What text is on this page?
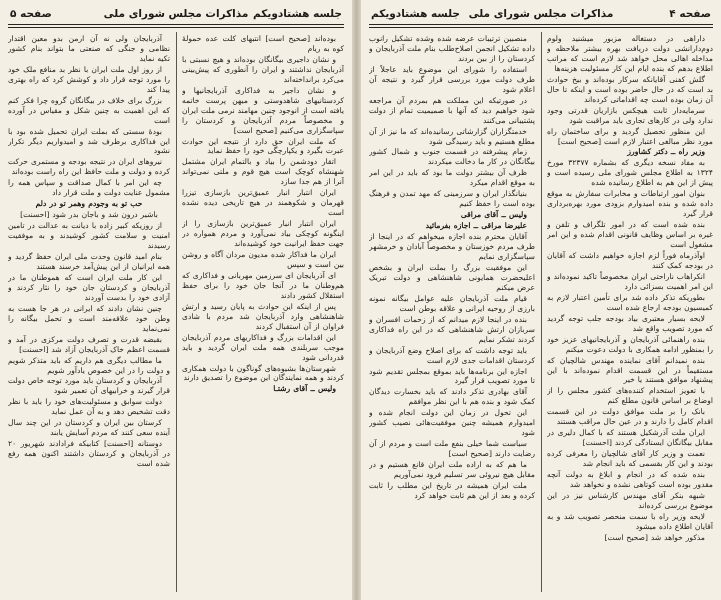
جلسه هشتادویکم
مذاکرات مجلس شورای ملی
صفحه ۵

بوده‌اند [صحیح است] انتبهای کلت عده‌ حمولهٔ کوه به ریام

و نشان داجیری بیگانگان بوده‌اند و هیچ نسبتی با آذربایجان نداشتند و ایران را آنطوری که پیش‌بینی می‌کرد برانداخته‌اند

و نشان داجیر به فداکاری آذربایجانیها و کردستانیهای شاهدوستی و میهن پرست خاتمه یافته است از انوجود چنین مهامند نرمی ملت ایران و مخصوصاً مردم آذربایجان و کردستان را سپاسگزاری می‌کنیم [صحیح است]

که ملت ایران حق دارد از نتیجه این حوادث عبرت بگیرد و یکپارچگی خود را حفظ نماید

اتقار دودشمن را بیاد و بالتمام ایران مشتمل شهنشاه کوچک است هیچ قوم و ملتی نمی‌تواند آنرا از هم جدا سازد

ایران انتبا‌ر انبار عمیق‌ترین بازسازی تیزرا قهرمان و شکوهمند در هیچ تاریخی دیده نشده است

ایران انتبا‌ر انبار عمیق‌ترین بازسازی را از اینگونه کوچکی بیاد نمی‌آورد و مردم همواره در جهت حفظ ایرانیت خود کوشیده‌اند

ایران ما فداکار شده مدیون مردان آگاه و روشن بین است و سپس

ای آذربایجان ای سرزمین مهربانی و فداکاری که هم‌وطنان ما در آنجا جان خود را برای حفظ استقلال کشور دادند

پس از اینکه این حوادث به پایان رسید و ارتش شاهنشاهی وارد آذربایجان شد مردم با شادی فراوان از آن استقبال کردند

این اقدامات بزرگ و فداکاریهای مردم آذربایجان موجب سربلندی همه ملت ایران گردید و باید قدردانی شود

شهرستان‌ها بشیوه‌های گوناگون با دولت همکاری کردند و همه نمایندگان این موضوع را تصدیق دارند

ولیس ــ آقای رشتـا

آذربایجان ولی نه آن ارمن بدو معین اقتدار نظامی و جنگی که صنعتی ما بتواند بنام کشور تکیه نماید

از روز اول ملت ایران با نظر بد منافع ملک خود را مورد توجه قرار داد و کوشش کرد که راه بهتری پیدا کند

بزرگ برای خلاف در بیگانگان گروه چرا فکر کنم که این اهمیت به چنین شکل و مقیاس در آورده است

بودۀ سستی که بملت ایران تحمیل شده بود با این فداکاری برطرف شد و امیدواریم دیگر تکرار نشود

نیروهای ایران در نتیجه بودجه و مستمری حرکت کرده و دولت و ملت حافظ این راه راست بوده‌اند

چه این امر با کمال صداقت و سپاس همه را مشمول عنایت دولت و ملت قرار داد

حب تو به وجودم وهمر تو در دلم

باشیر درون شد و باجان بدر شود [احسنت]

از روزیکه کبیر زاده با دیانت به عدالت در تامین امنیت و سلامت کشور کوشیدند و به موفقیت رسیدند

بنام امید قانون وحدت ملی ایران حفظ گردید و همه ایرانیان از این پیش‌آمد خرسند هستند

این کار ملت ایران است که هموطنان ما در آذربایجان و کردستان جان خود را نثار کردند و آزادی خود را بدست آوردند

چنین نشان دادند که ایرانی در هر جا هست به وطن خود علاقه‌مند است و تحمل بیگانه را نمی‌نماید

بقبضه قدرت و تصرف دولت مرکزی در آمد و قسمت اعظم خاک آذربایجان آزاد شد [احسنت]

ما مطالب دیگری هم داریم که باید متذکر شویم و دولت را در این خصوص یادآور شویم

آذربایجان و کردستان باید مورد توجه خاص دولت قرار گیرند و خرابیهای آن تعمیر شود

دولت سوابق و مسئولیت‌های خود را باید با نظر دقت تشخیص دهد و به آن عمل نماید

کرستان بین ایران و کردستان در این چند سال آینده سعی کنند که مردم آسایش یابند

دوستانه [احسنت] کتابیکه فرادادند شهریور ۲۰ در آذربایجان و کردستان داشتند اکنون همه رفع شده است

صفحه ۴
مذاکرات مجلس شورای ملی
جلسه هشتادویکم

داراهی در دستغاله مزبور میشنید ولوم دوم‌دارا‌نشی دولت دریافت بهره بیشتر ملاحظه و مداخله اهالی محل خواهد شد لازم است که مراتب اطلاع بدهم که بنده ایام این کار مسئولیت هزینه‌ها

گلش کفنی آقایانکه سرکار بوده‌اند و بیخ حوادث بد است که در حال حاضر بوده است و اینکه تا حال آن زمان بوده است چه اقداماتی کرده‌اند

سرمایه‌دار ثابت هیچکس بازاریان قدرتی وجود ندارد ولی در کارهای تجاری باید مراقبت شود

این منظور تحصیل گردید و برای ساختمان راه مورد نظر مبالغی اعتبار لازم است [صحیح است]

وزیر راه ــ دکتر کشاورز

به مفاد نسخه دیگری که بشماره ۳۲۳۷۷ مورخ ۱۳۲۴ به اطلاع مجلس شورای ملی رسیده است و پیش از این هم به اطلاع رسانیده شده

بنوان امور ارتباطات و مخابرات سفارش به موقع داده شده و بنده امیدوارم بزودی مورد بهره‌برداری قرار گیرد

بنده شده است که در امور تلگراف و تلفن و غیره بر اساس وظایف قانونی اقدام شده و این امر مشغول است

او‌آذرماه فوراً لزم اجازه خواهیم داشت که آقایان در بودجه کمک کنند

انکراهاب ناراحتی ایران مخصوصاً تاکید نموده‌اند و این امر اهمیت بسزائی دارد

بطوریکه تذکر داده شد برای تأمین اعتبار لازم به کمیسیون بودجه ارجاع شده است

لایحه بسیار معتبری بیاد بودجه جلب توجه گردید که مورد تصویب واقع شد

بنده راهنمائی آذربایجان و آذربایجانیهای عزیز خود را بمنظور ادامه همکاری با دولت دعوت میکنم

بنده نمیدانم آقای نماینده مهندس شالچیان که مستقیماً در این قسمت اقدام نموده‌اند با این پیشنهاد موافق هستند یا خیر

با تعویز‌ استخدام‌ کننده‌های کشور مجلس را از اوضاع بر اساس قانون مطلع کنم

بانک را بر ملت موافق دولت در این قسمت اقدام کامل را دارند و در عین حال مراقب هستند

ایران ملت آذرشکیل هستند که با کمال دلیری در مقابل بیگانگان ایستادگی کردند [احسنت]

نعمت و وزیر کار آقای شالچیان را معرفی کرده بودند و این کار بقسمی که باید انجام شد

بنده شده که در انجام و ابلاغ به دولت آنچه مقدور بوده است کوتاهی نشده و نخواهد شد

شبهه بنکر آقای مهندس کارشناس نیز در این موضوع بررسی کرده‌اند

لایحه وزیر راه با سمت منحصر تصویب شد و به آقایان اطلاع داده میشود

مذکور خواهد شد [صحیح است]

منصبین ترتیبات عرضه شده وشده تشکیل رانوب داده تشکیل انجمن اصلاح‌طلب بنام ملت آذربایجان و کردستان را از بین بردند

استفاده را شورای این موضوع باید عاجلاً از طرف دولت مورد بررسی قرار گیرد و نتیجه آن اعلام شود

در صورتیکه این مملکت هم بمردم آن مراجعه شود خواهیم دید که آنها با صمیمیت تمام از دولت پشتیبانی می‌کنند

خدمتگزاران گزارشاتی رسانیده‌اند که ما نیز از آن مطلع هستیم و باید رسیدگی شود

زمام پیشرفته در قسمت جنوب و شمال کشور بیگانگان در کار ما دخالت میکردند

ظرف آن بیشتر دولت ما بود که باید در این امر به موقع اقدام میکرد

بنیانگذار ایران و سرزمینی که مهد تمدن و فرهنگ بوده است را حفظ کنیم

ولیس ــ آقای مراقی

علیرضا مراقی ــ اجازه بفرمائید

آقایان محترم بنده اجازه میخواهم که در اینجا از طرف مردم خوزستان و مخصوصاً آبادان و خرمشهر سپاسگزاری نمایم

این موفقیت بزرگ را بملت ایران و بشخص اعلیحضرت همایونی شاهنشاهی و دولت تبریک عرض میکنم

قیام ملت آذربایجان علیه عوامل بیگانه نمونه بارزی از روحیه ایرانی و علاقه بوطن است

بنده در اینجا لازم میدانم که از زحمات افسران و سربازان ارتش شاهنشاهی که در این راه فداکاری کردند تشکر نمایم

باید توجه داشت که برای اصلاح وضع آذربایجان و کردستان اقدامات جدی لازم است

اجازه این برنامه‌ها باید بموقع بمجلس تقدیم شود تا مورد تصویب قرار گیرد

آقای بهادری تذکر دادند که باید بخسارت دیدگان کمک شود و بنده هم با این نظر موافقم

این تحول در زمان این دولت انجام شده و امیدوارم همیشه چنین موفقیت‌هائی نصیب کشور شود

سیاست شما خیلی بنفع ملت است و مردم از آن رضایت دارند [صحیح است]

ما هم که به اراده ملت ایران قانع هستیم و در مقابل هیچ نیروئی سر تسلیم فرود نمی‌آوریم

ملت ایران همیشه در تاریخ این مطلب را ثابت کرده و بعد از این هم ثابت خواهد کرد
